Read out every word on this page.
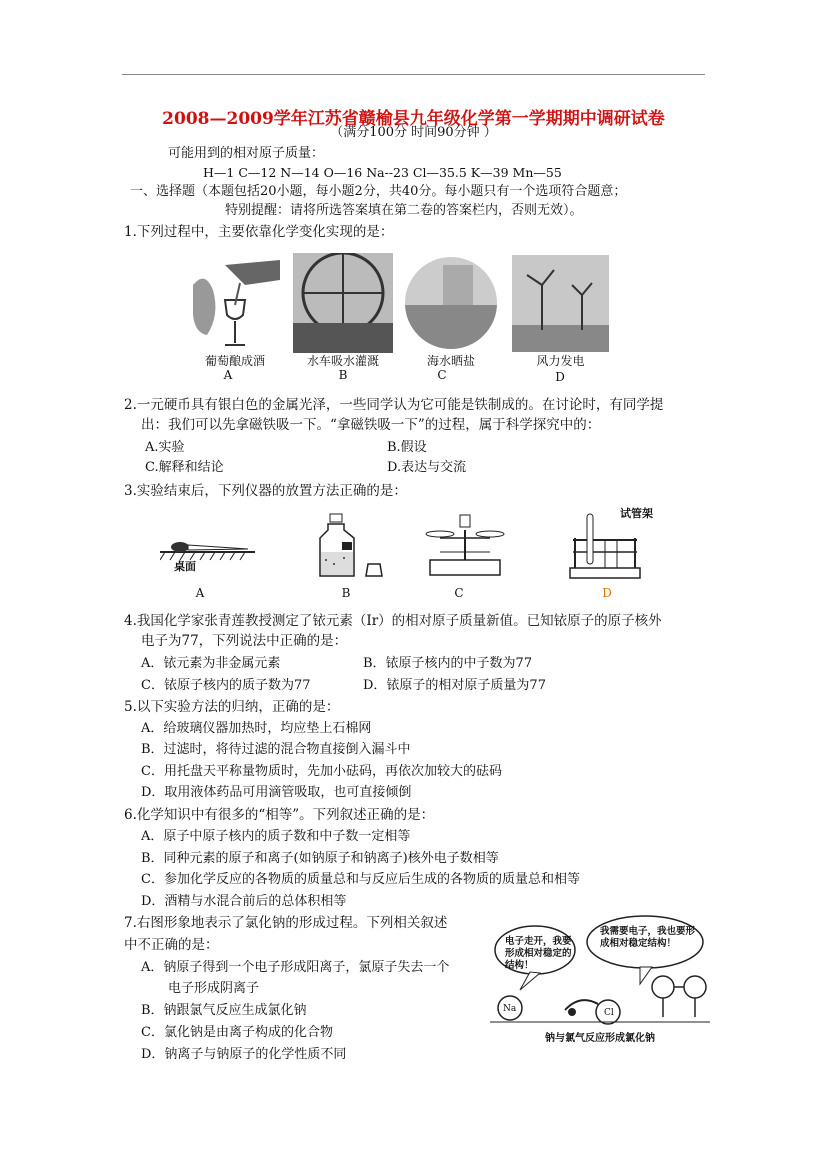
2008—2009学年江苏省赣榆县九年级化学第一学期期中调研试卷
（满分100分 时间90分钟 ）
可能用到的相对原子质量：
H—1 C—12 N—14 O—16 Na--23 Cl—35.5 K—39 Mn—55
一、选择题（本题包括20小题，每小题2分，共40分。每小题只有一个选项符合题意；
特别提醒：请将所选答案填在第二卷的答案栏内，否则无效）。
1.下列过程中，主要依靠化学变化实现的是：
葡萄酿成酒	水车吸水灌溉	海水晒盐	风力发电
A	B	C	D
2.一元硬币具有银白色的金属光泽，一些同学认为它可能是铁制成的。在讨论时，有同学提
出：我们可以先拿磁铁吸一下。“拿磁铁吸一下”的过程，属于科学探究中的：
A.实验	B.假设
C.解释和结论	D.表达与交流
3.实验结束后，下列仪器的放置方法正确的是：
桌面
试管架
A	B	C	D
4.我国化学家张青莲教授测定了铱元素（Ir）的相对原子质量新值。已知铱原子的原子核外
电子为77，下列说法中正确的是：
A．铱元素为非金属元素	B．铱原子核内的中子数为77
C．铱原子核内的质子数为77	D．铱原子的相对原子质量为77
5.以下实验方法的归纳，正确的是：
A．给玻璃仪器加热时，均应垫上石棉网
B．过滤时，将待过滤的混合物直接倒入漏斗中
C．用托盘天平称量物质时，先加小砝码，再依次加较大的砝码
D．取用液体药品可用滴管吸取，也可直接倾倒
6.化学知识中有很多的“相等”。下列叙述正确的是：
A．原子中原子核内的质子数和中子数一定相等
B．同种元素的原子和离子(如钠原子和钠离子)核外电子数相等
C．参加化学反应的各物质的质量总和与反应后生成的各物质的质量总和相等
D．酒精与水混合前后的总体积相等
7.右图形象地表示了氯化钠的形成过程。下列相关叙述
中不正确的是：
A．钠原子得到一个电子形成阳离子，氯原子失去一个
电子形成阴离子
B．钠跟氯气反应生成氯化钠
C．氯化钠是由离子构成的化合物
D．钠离子与钠原子的化学性质不同
电子走开，我要形成相对稳定的结构！
我需要电子，我也要形成相对稳定结构！
Na	Cl
钠与氯气反应形成氯化钠
